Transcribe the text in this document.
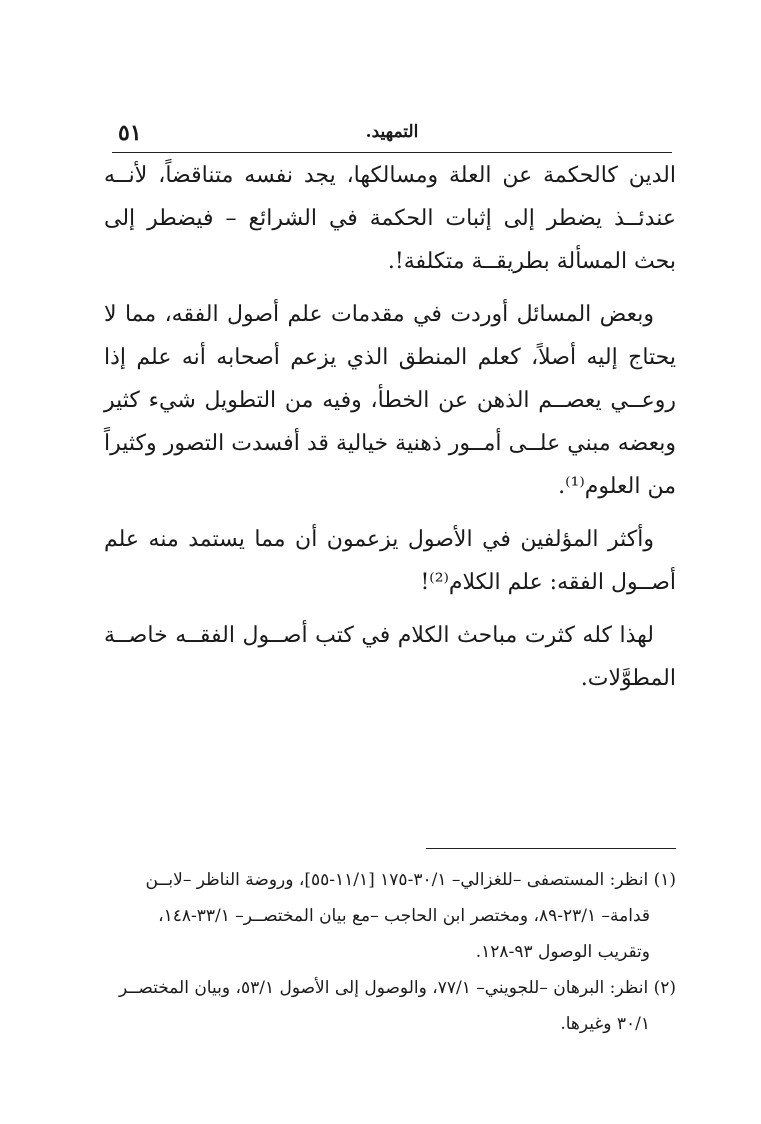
التمهيد.
٥١

الدين كالحكمة عن العلة ومسالكها، يجد نفسه متناقضاً، لأنــه عندئــذ يضطر إلى إثبات الحكمة في الشرائع – فيضطر إلى بحث المسألة بطريقــة متكلفة!.

وبعض المسائل أوردت في مقدمات علم أصول الفقه، مما لا يحتاج إليه أصلاً، كعلم المنطق الذي يزعم أصحابه أنه علم إذا روعــي يعصــم الذهن عن الخطأ، وفيه من التطويل شيء كثير وبعضه مبني علــى أمــور ذهنية خيالية قد أفسدت التصور وكثيراً من العلوم⁽¹⁾.

وأكثر المؤلفين في الأصول يزعمون أن مما يستمد منه علم أصــول الفقه: علم الكلام⁽²⁾!

لهذا كله كثرت مباحث الكلام في كتب أصــول الفقــه خاصــة المطوَّلات.

(١) انظر: المستصفى –للغزالي– ٣٠/١-١٧٥ [١١/١-٥٥]، وروضة الناظر –لابــن

قدامة– ٢٣/١-٨٩، ومختصر ابن الحاجب –مع بيان المختصــر– ٣٣/١-١٤٨،

وتقريب الوصول ٩٣-١٢٨.

(٢) انظر: البرهان –للجويني– ٧٧/١، والوصول إلى الأصول ٥٣/١، وبيان المختصــر

٣٠/١ وغيرها.
